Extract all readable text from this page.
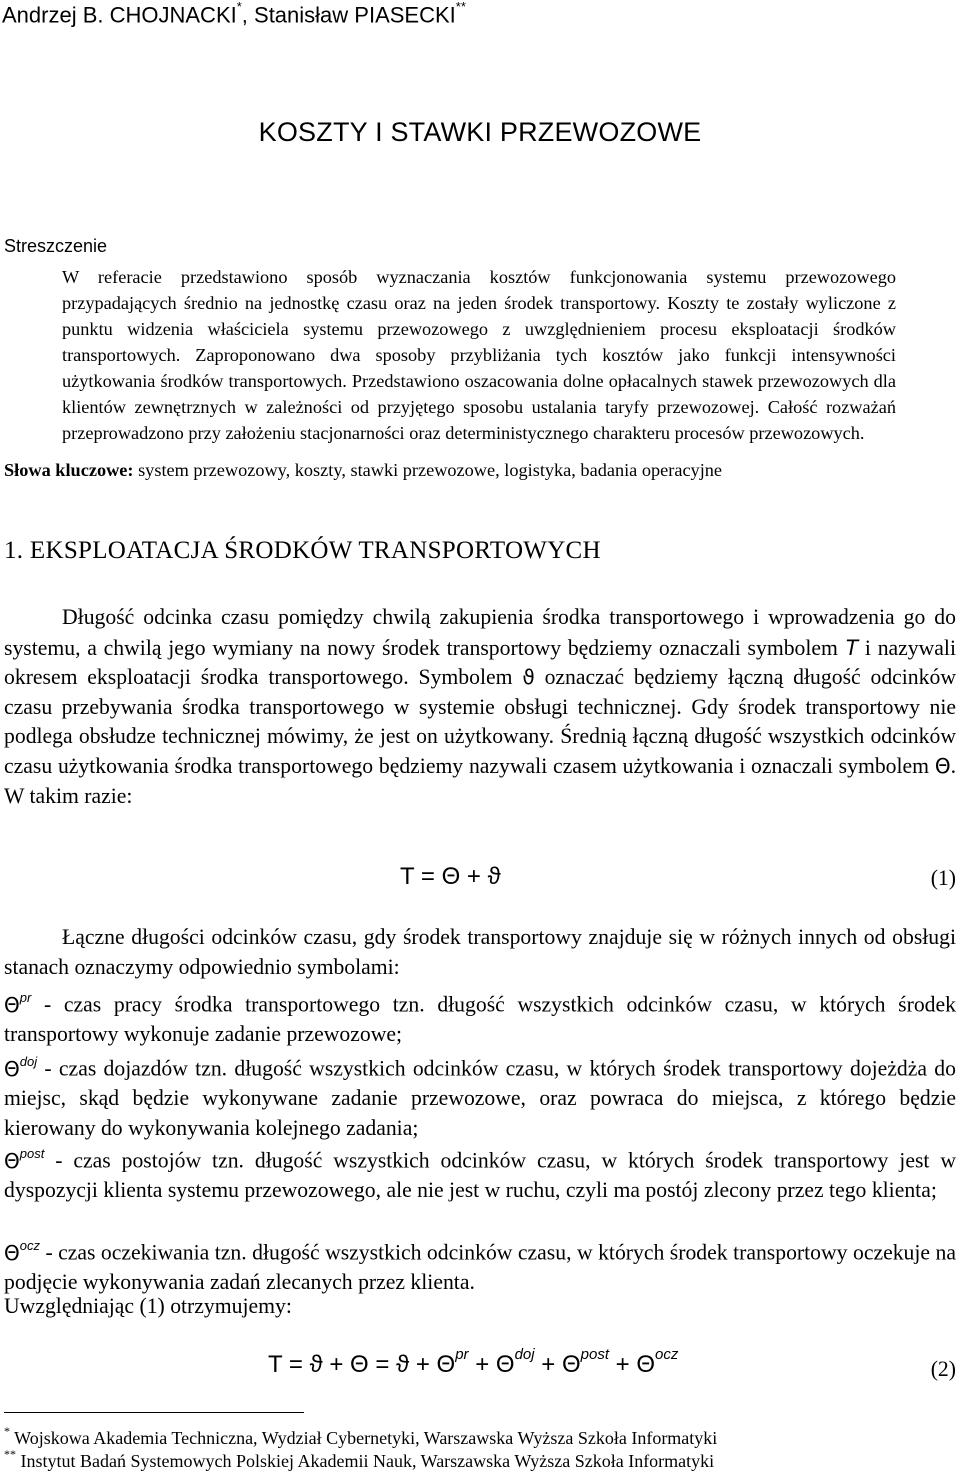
Andrzej B. CHOJNACKI*, Stanisław PIASECKI**
KOSZTY I STAWKI PRZEWOZOWE
Streszczenie
W referacie przedstawiono sposób wyznaczania kosztów funkcjonowania systemu przewozowego przypadających średnio na jednostkę czasu oraz na jeden środek transportowy. Koszty te zostały wyliczone z punktu widzenia właściciela systemu przewozowego z uwzględnieniem procesu eksploatacji środków transportowych. Zaproponowano dwa sposoby przybliżania tych kosztów jako funkcji intensywności użytkowania środków transportowych. Przedstawiono oszacowania dolne opłacalnych stawek przewozowych dla klientów zewnętrznych w zależności od przyjętego sposobu ustalania taryfy przewozowej. Całość rozważań przeprowadzono przy założeniu stacjonarności oraz deterministycznego charakteru procesów przewozowych.
Słowa kluczowe: system przewozowy, koszty, stawki przewozowe, logistyka, badania operacyjne
1. EKSPLOATACJA ŚRODKÓW TRANSPORTOWYCH
Długość odcinka czasu pomiędzy chwilą zakupienia środka transportowego i wprowadzenia go do systemu, a chwilą jego wymiany na nowy środek transportowy będziemy oznaczali symbolem T i nazywali okresem eksploatacji środka transportowego. Symbolem ϑ oznaczać będziemy łączną długość odcinków czasu przebywania środka transportowego w systemie obsługi technicznej. Gdy środek transportowy nie podlega obsłudze technicznej mówimy, że jest on użytkowany. Średnią łączną długość wszystkich odcinków czasu użytkowania środka transportowego będziemy nazywali czasem użytkowania i oznaczali symbolem Θ. W takim razie:
T = Θ + ϑ	(1)
Łączne długości odcinków czasu, gdy środek transportowy znajduje się w różnych innych od obsługi stanach oznaczymy odpowiednio symbolami:
$\Theta^{pr}$ - czas pracy środka transportowego tzn. długość wszystkich odcinków czasu, w których środek transportowy wykonuje zadanie przewozowe;
$\Theta^{doj}$ - czas dojazdów tzn. długość wszystkich odcinków czasu, w których środek transportowy dojeżdża do miejsc, skąd będzie wykonywane zadanie przewozowe, oraz powraca do miejsca, z którego będzie kierowany do wykonywania kolejnego zadania;
$\Theta^{post}$ - czas postojów tzn. długość wszystkich odcinków czasu, w których środek transportowy jest w dyspozycji klienta systemu przewozowego, ale nie jest w ruchu, czyli ma postój zlecony przez tego klienta;
$\Theta^{ocz}$ - czas oczekiwania tzn. długość wszystkich odcinków czasu, w których środek transportowy oczekuje na podjęcie wykonywania zadań zlecanych przez klienta.
Uwzględniając (1) otrzymujemy:
$T = ϑ + \Theta = ϑ + \Theta^{pr} + \Theta^{doj} + \Theta^{post} + \Theta^{ocz}$
(2)
* Wojskowa Akademia Techniczna, Wydział Cybernetyki, Warszawska Wyższa Szkoła Informatyki
** Instytut Badań Systemowych Polskiej Akademii Nauk, Warszawska Wyższa Szkoła Informatyki
